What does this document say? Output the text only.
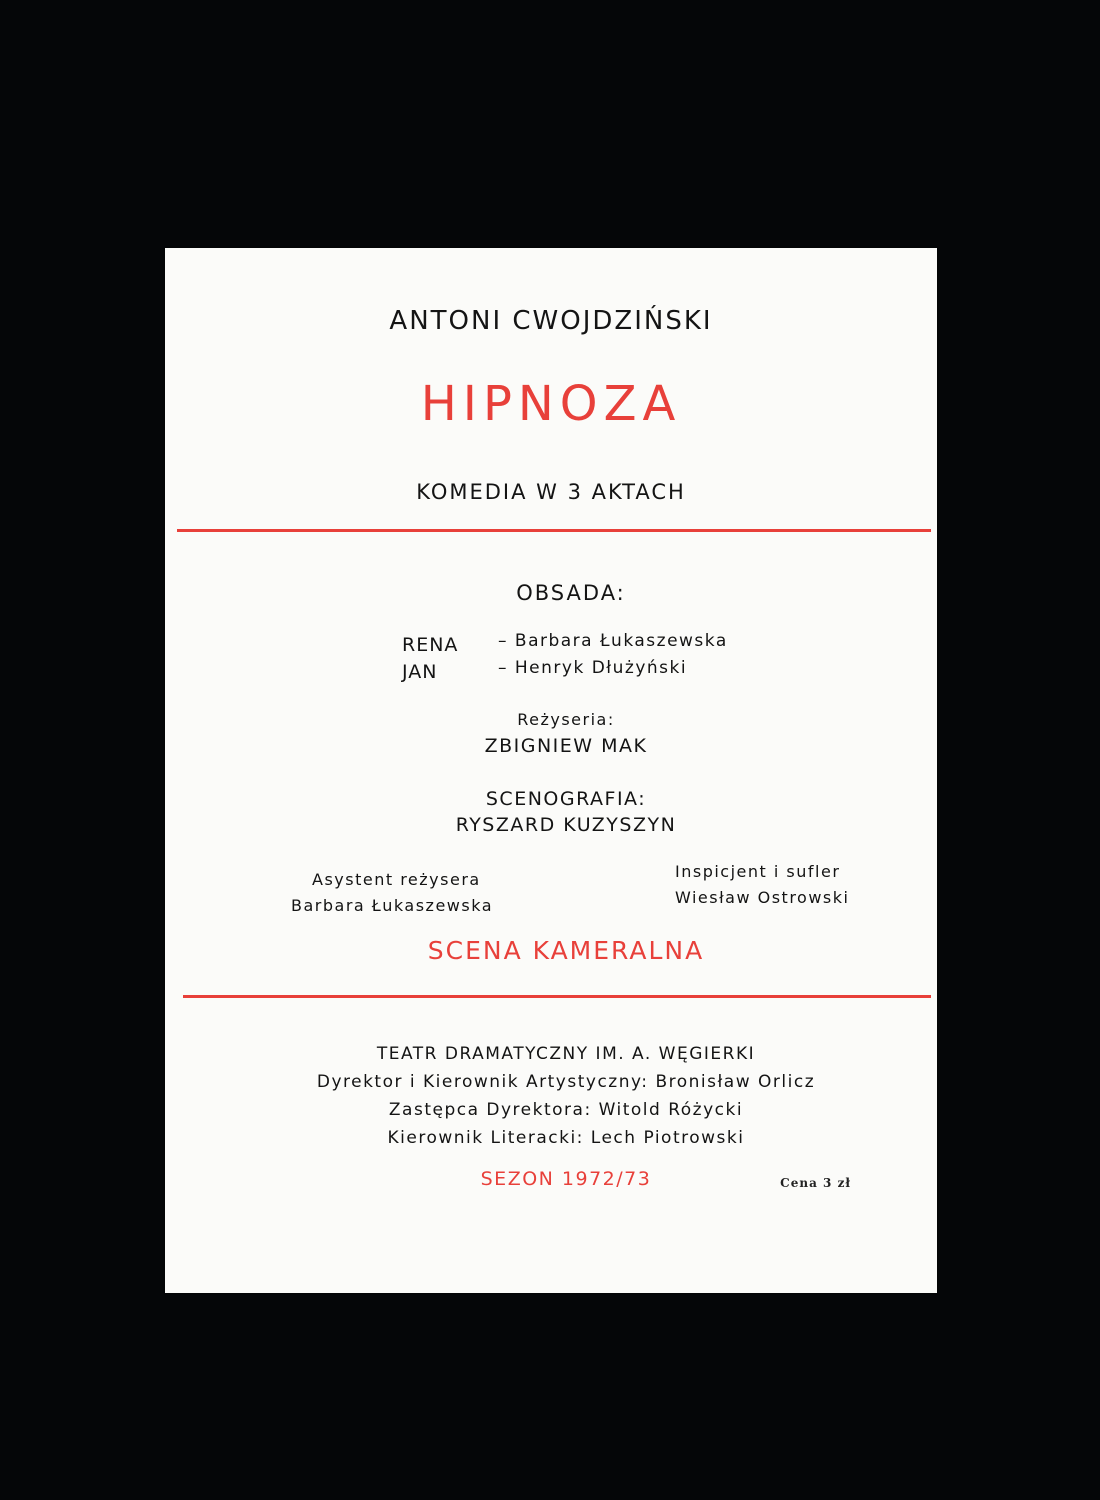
ANTONI CWOJDZIŃSKI
HIPNOZA
KOMEDIA W 3 AKTACH
OBSADA:
RENA – Barbara Łukaszewska
JAN	– Henryk Dłużyński
Reżyseria:
ZBIGNIEW MAK
SCENOGRAFIA:
RYSZARD KUZYSZYN
Asystent reżysera
Barbara Łukaszewska
Inspicjent i sufler
Wiesław Ostrowski
SCENA KAMERALNA
TEATR DRAMATYCZNY IM. A. WĘGIERKI
Dyrektor i Kierownik Artystyczny: Bronisław Orlicz
Zastępca Dyrektora: Witold Różycki
Kierownik Literacki: Lech Piotrowski
SEZON 1972/73	Cena 3 zł
